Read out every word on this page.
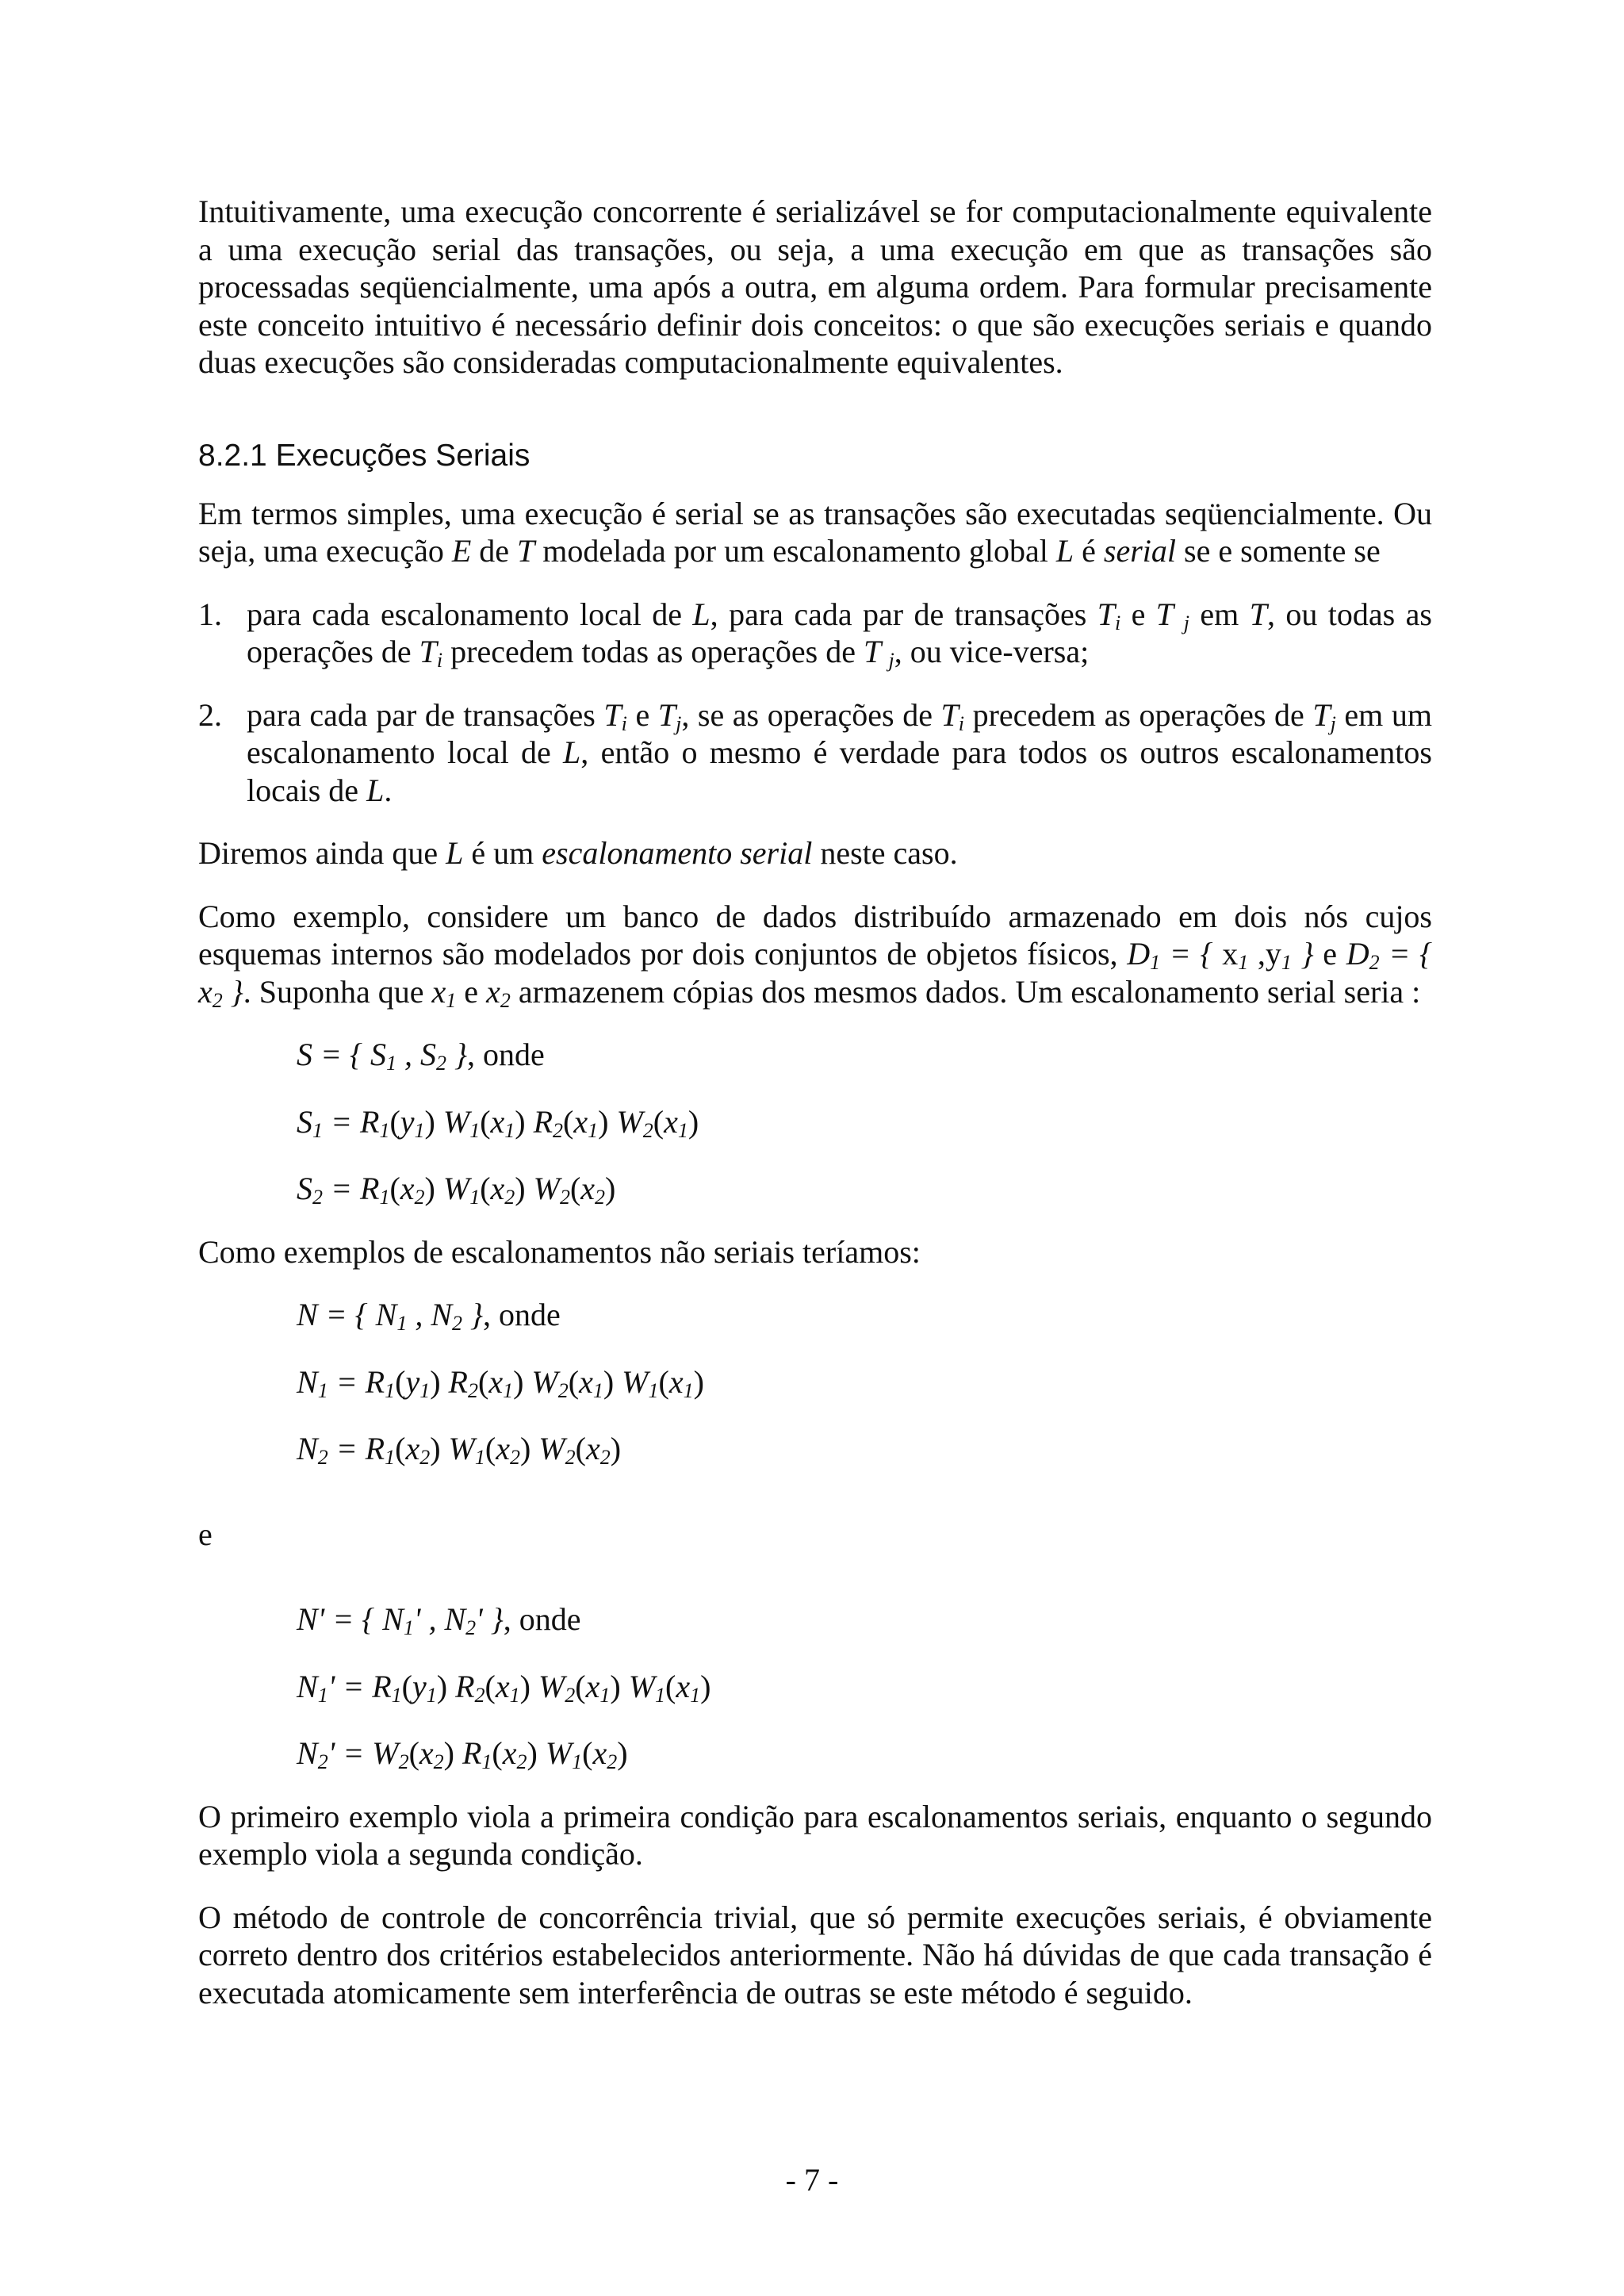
Intuitivamente, uma execução concorrente é serializável se for computacionalmente equivalente a uma execução serial das transações, ou seja, a uma execução em que as transações são processadas seqüencialmente, uma após a outra, em alguma ordem. Para formular precisamente este conceito intuitivo é necessário definir dois conceitos: o que são execuções seriais e quando duas execuções são consideradas computacionalmente equivalentes.

8.2.1 Execuções Seriais

Em termos simples, uma execução é serial se as transações são executadas seqüencialmente. Ou seja, uma execução E de T modelada por um escalonamento global L é serial se e somente se

1. para cada escalonamento local de L, para cada par de transações $T_i$ e T $_j$ em T, ou todas as operações de $T_i$ precedem todas as operações de T $_j$, ou vice-versa;
2. para cada par de transações $T_i$ e $T_j$, se as operações de $T_i$ precedem as operações de $T_j$ em um escalonamento local de L, então o mesmo é verdade para todos os outros escalonamentos locais de L.

Diremos ainda que L é um escalonamento serial neste caso.

Como exemplo, considere um banco de dados distribuído armazenado em dois nós cujos esquemas internos são modelados por dois conjuntos de objetos físicos, $D_1$ = { $x_1$ $,y_1$ } e $D_2$ = { $x_2$ }. Suponha que $x_1$ e $x_2$ armazenem cópias dos mesmos dados. Um escalonamento serial seria :

S = { $S_1$ , $S_2$ }, onde

$S_1 = R_1(y_1)$ $W_1(x_1)$ $R_2(x_1)$ $W_2(x_1)$

$S_2 = R_1(x_2)$ $W_1(x_2)$ $W_2(x_2)$

Como exemplos de escalonamentos não seriais teríamos:

N = { $N_1$ , $N_2$ }, onde

$N_1 = R_1(y_1)$ $R_2(x_1)$ $W_2(x_1)$ $W_1(x_1)$

$N_2 = R_1(x_2)$ $W_1(x_2)$ $W_2(x_2)$

e

N' = { $N_1'$ , $N_2'$ }, onde

$N_1' = R_1(y_1)$ $R_2(x_1)$ $W_2(x_1)$ $W_1(x_1)$

$N_2' = W_2(x_2)$ $R_1(x_2)$ $W_1(x_2)$

O primeiro exemplo viola a primeira condição para escalonamentos seriais, enquanto o segundo exemplo viola a segunda condição.

O método de controle de concorrência trivial, que só permite execuções seriais, é obviamente correto dentro dos critérios estabelecidos anteriormente. Não há dúvidas de que cada transação é executada atomicamente sem interferência de outras se este método é seguido.

- 7 -
